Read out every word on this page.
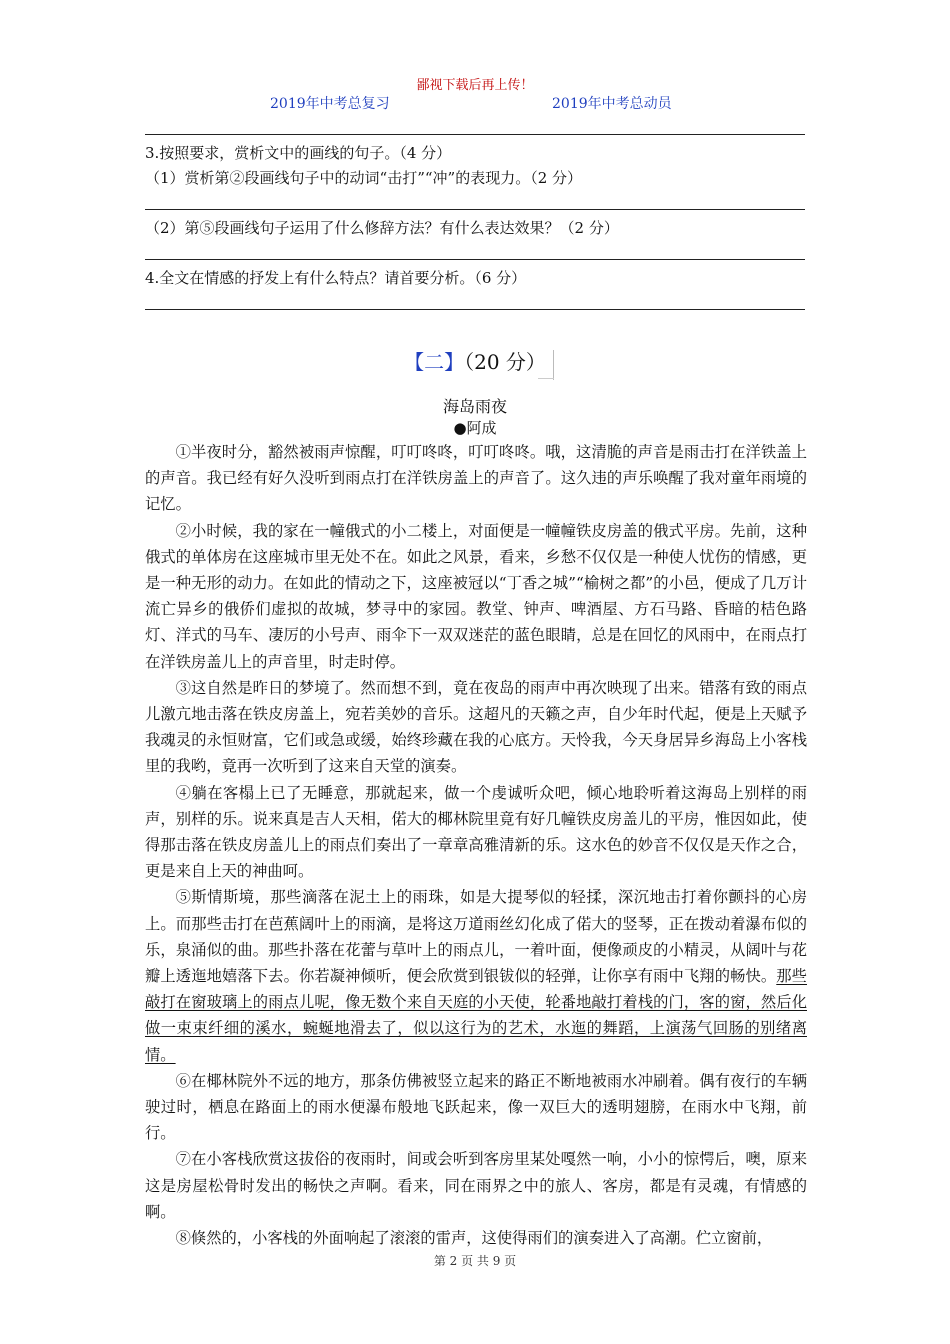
鄙视下载后再上传！
2019年中考总复习	2019年中考总动员
3.按照要求，赏析文中的画线的句子。（4 分）
（1）赏析第②段画线句子中的动词“击打”“冲”的表现力。（2 分）
（2）第⑤段画线句子运用了什么修辞方法？有什么表达效果？（2 分）
4.全文在情感的抒发上有什么特点？请首要分析。（6 分）
【二】（20 分）
海岛雨夜
●阿成

①半夜时分，豁然被雨声惊醒，叮叮咚咚，叮叮咚咚。哦，这清脆的声音是雨击打在洋铁盖上的声音。我已经有好久没听到雨点打在洋铁房盖上的声音了。这久违的声乐唤醒了我对童年雨境的记忆。

②小时候，我的家在一幢俄式的小二楼上，对面便是一幢幢铁皮房盖的俄式平房。先前，这种俄式的单体房在这座城市里无处不在。如此之风景，看来，乡愁不仅仅是一种使人忧伤的情感，更是一种无形的动力。在如此的情动之下，这座被冠以“丁香之城”“榆树之都”的小邑，便成了几万计流亡异乡的俄侨们虚拟的故城，梦寻中的家园。教堂、钟声、啤酒屋、方石马路、昏暗的桔色路灯、洋式的马车、凄厉的小号声、雨伞下一双双迷茫的蓝色眼睛，总是在回忆的风雨中，在雨点打在洋铁房盖儿上的声音里，时走时停。

③这自然是昨日的梦境了。然而想不到，竟在夜岛的雨声中再次映现了出来。错落有致的雨点儿激亢地击落在铁皮房盖上，宛若美妙的音乐。这超凡的天籁之声，自少年时代起，便是上天赋予我魂灵的永恒财富，它们或急或缓，始终珍藏在我的心底方。天怜我，今天身居异乡海岛上小客栈里的我哟，竟再一次听到了这来自天堂的演奏。

④躺在客榻上已了无睡意，那就起来，做一个虔诚听众吧，倾心地聆听着这海岛上别样的雨声，别样的乐。说来真是吉人天相，偌大的椰林院里竟有好几幢铁皮房盖儿的平房，惟因如此，使得那击落在铁皮房盖儿上的雨点们奏出了一章章高雅清新的乐。这水色的妙音不仅仅是天作之合，更是来自上天的神曲呵。

⑤斯情斯境，那些滴落在泥土上的雨珠，如是大提琴似的轻揉，深沉地击打着你颤抖的心房上。而那些击打在芭蕉阔叶上的雨滴，是将这万道雨丝幻化成了偌大的竖琴，正在拨动着瀑布似的乐，泉涌似的曲。那些扑落在花蕾与草叶上的雨点儿，一着叶面，便像顽皮的小精灵，从阔叶与花瓣上透迤地嬉落下去。你若凝神倾听，便会欣赏到银钹似的轻弹，让你享有雨中飞翔的畅快。那些敲打在窗玻璃上的雨点儿呢，像无数个来自天庭的小天使，轮番地敲打着栈的门，客的窗，然后化做一束束纤细的溪水，蜿蜒地滑去了，似以这行为的艺术，水迤的舞蹈，上演荡气回肠的别绪离情。

⑥在椰林院外不远的地方，那条仿佛被竖立起来的路正不断地被雨水冲刷着。偶有夜行的车辆驶过时，栖息在路面上的雨水便瀑布般地飞跃起来，像一双巨大的透明翅膀，在雨水中飞翔，前行。

⑦在小客栈欣赏这拔俗的夜雨时，间或会听到客房里某处嘎然一响，小小的惊愕后，噢，原来这是房屋松骨时发出的畅快之声啊。看来，同在雨界之中的旅人、客房，都是有灵魂，有情感的啊。

⑧倏然的，小客栈的外面响起了滚滚的雷声，这使得雨们的演奏进入了高潮。伫立窗前，

第 2 页 共 9 页
